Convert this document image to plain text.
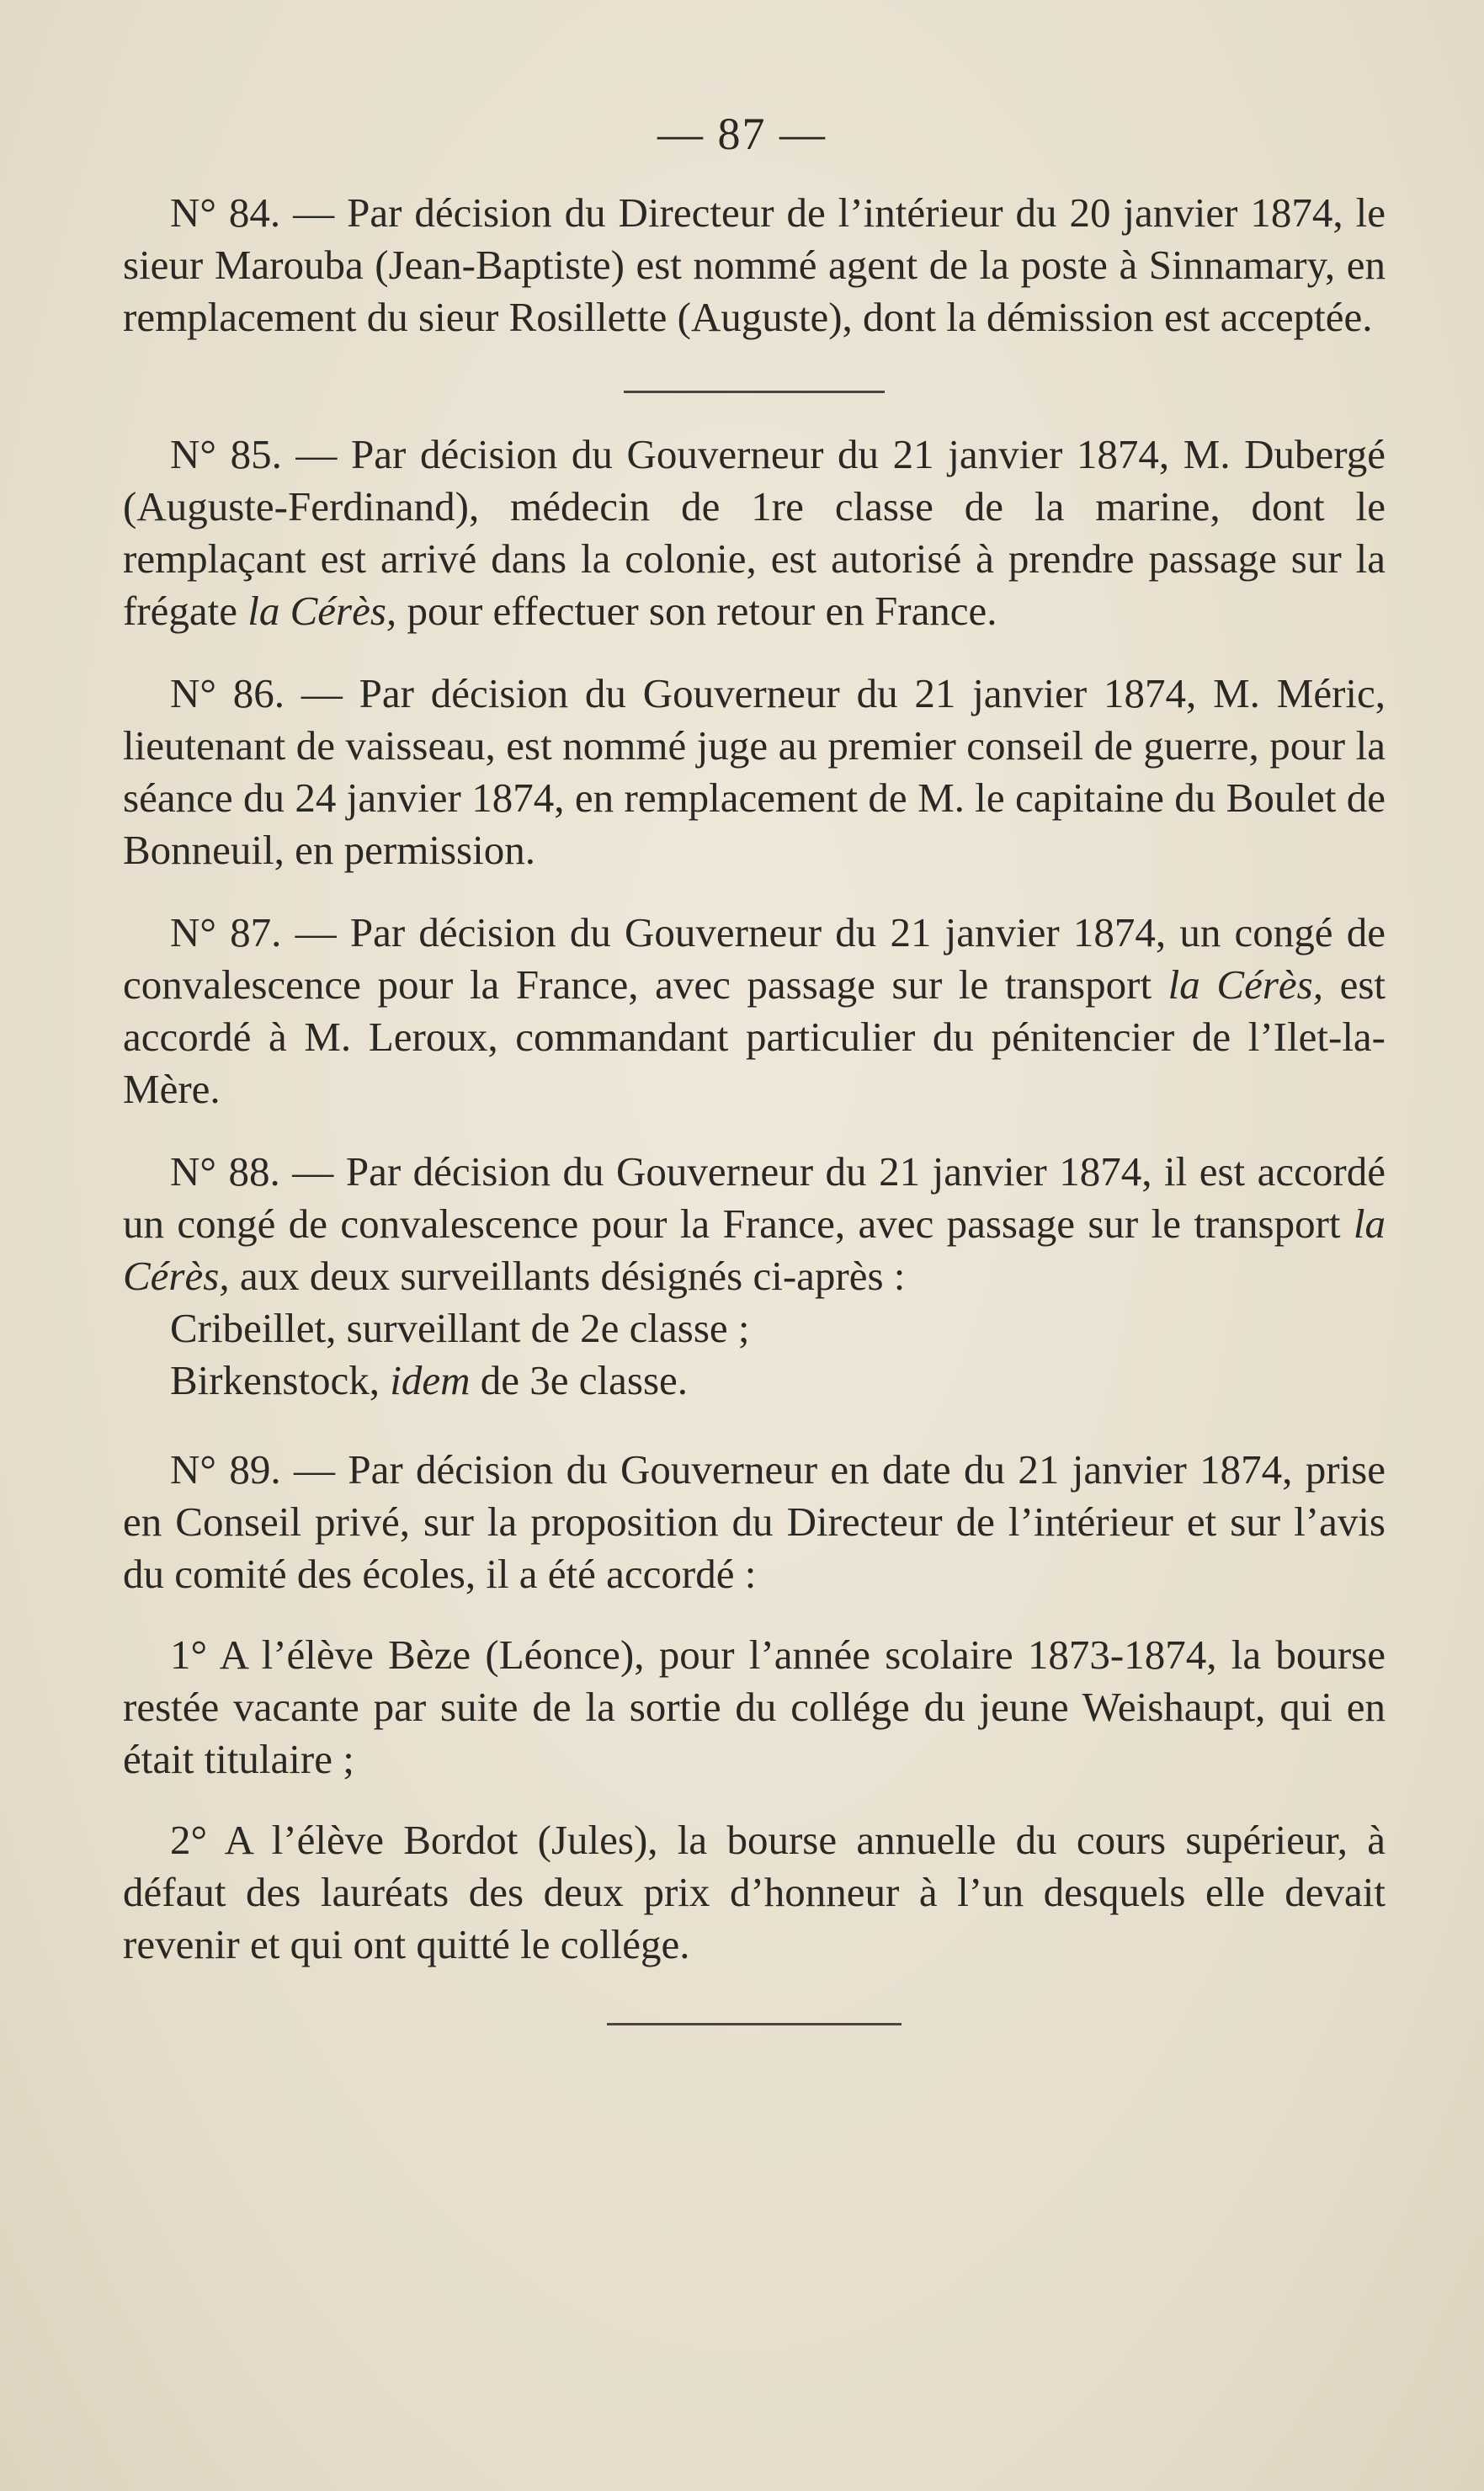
— 87 —

N° 84. — Par décision du Directeur de l’intérieur du 20 janvier 1874, le sieur Marouba (Jean-Baptiste) est nommé agent de la poste à Sinnamary, en remplacement du sieur Rosillette (Auguste), dont la démission est acceptée.

N° 85. — Par décision du Gouverneur du 21 janvier 1874, M. Dubergé (Auguste-Ferdinand), médecin de 1re classe de la marine, dont le remplaçant est arrivé dans la colonie, est autorisé à prendre passage sur la frégate la Cérès, pour effectuer son retour en France.

N° 86. — Par décision du Gouverneur du 21 janvier 1874, M. Méric, lieutenant de vaisseau, est nommé juge au premier conseil de guerre, pour la séance du 24 janvier 1874, en remplacement de M. le capitaine du Boulet de Bonneuil, en permission.

N° 87. — Par décision du Gouverneur du 21 janvier 1874, un congé de convalescence pour la France, avec passage sur le transport la Cérès, est accordé à M. Leroux, commandant particulier du pénitencier de l’Ilet-la-Mère.

N° 88. — Par décision du Gouverneur du 21 janvier 1874, il est accordé un congé de convalescence pour la France, avec passage sur le transport la Cérès, aux deux surveillants désignés ci-après :

Cribeillet, surveillant de 2e classe ;

Birkenstock, idem de 3e classe.

N° 89. — Par décision du Gouverneur en date du 21 janvier 1874, prise en Conseil privé, sur la proposition du Directeur de l’intérieur et sur l’avis du comité des écoles, il a été accordé :

1° A l’élève Bèze (Léonce), pour l’année scolaire 1873-1874, la bourse restée vacante par suite de la sortie du collége du jeune Weishaupt, qui en était titulaire ;

2° A l’élève Bordot (Jules), la bourse annuelle du cours supérieur, à défaut des lauréats des deux prix d’honneur à l’un desquels elle devait revenir et qui ont quitté le collége.
